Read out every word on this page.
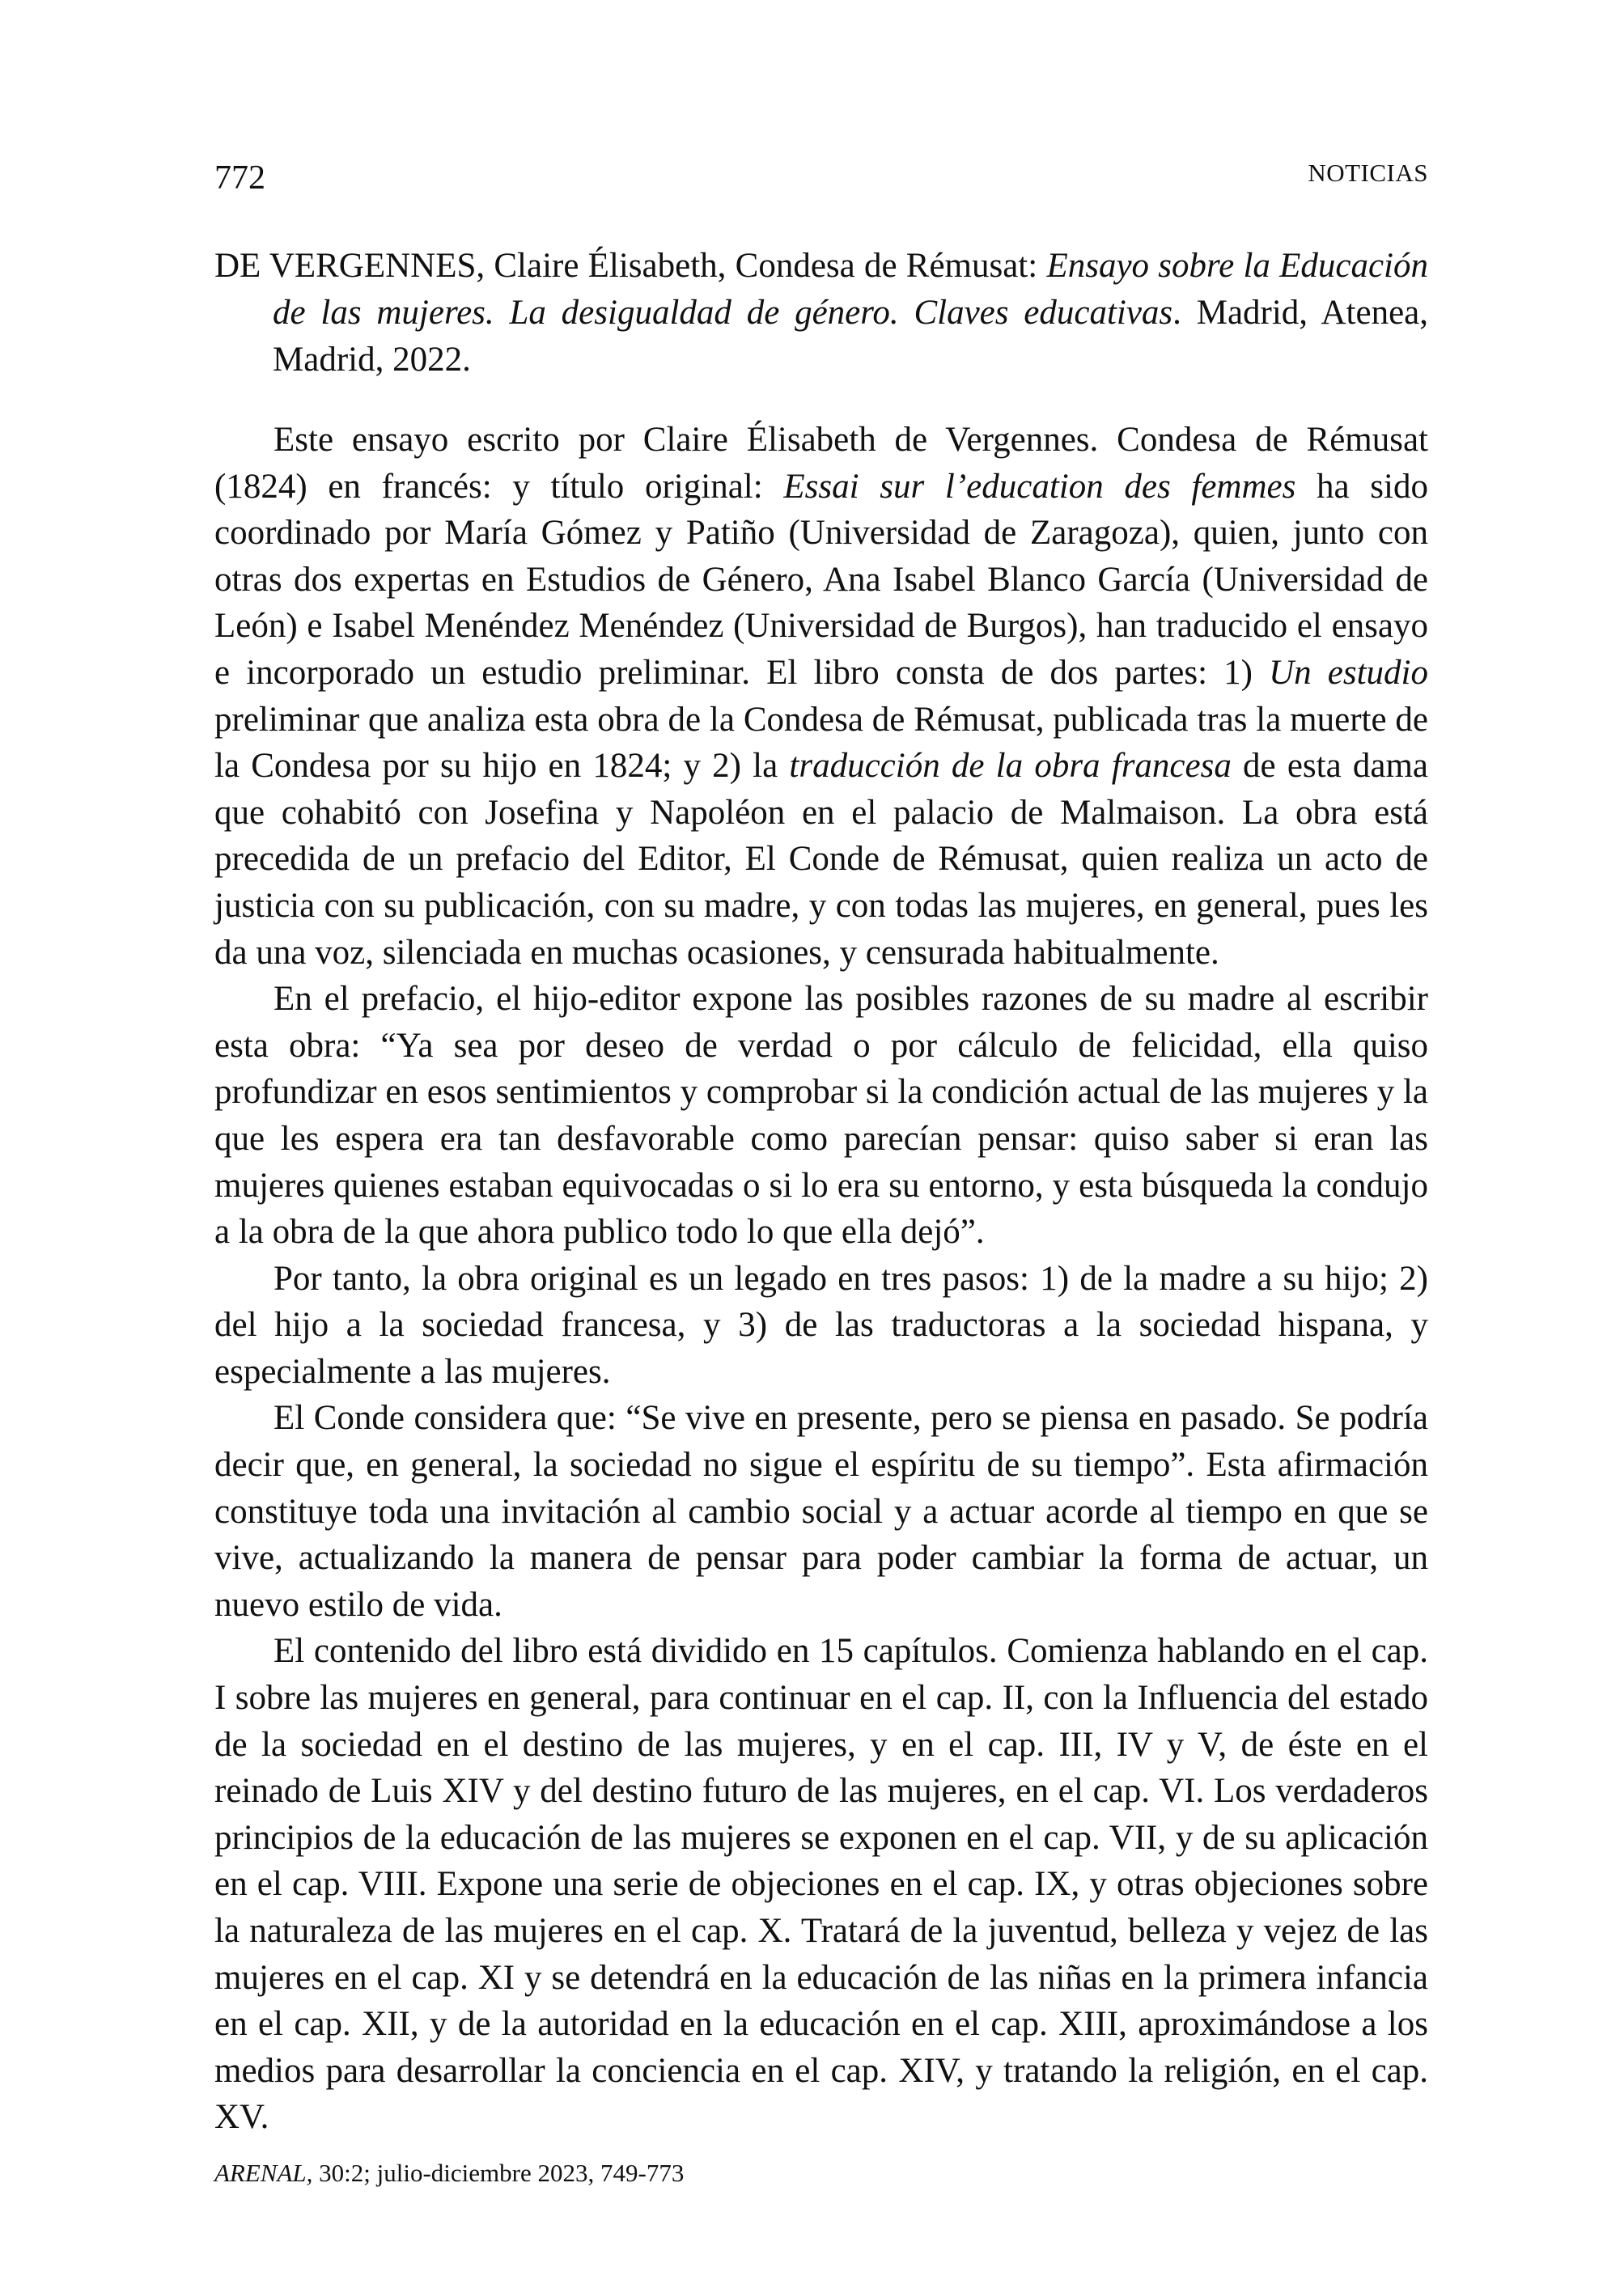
772	NOTICIAS
DE VERGENNES, Claire Élisabeth, Condesa de Rémusat: Ensayo sobre la Educación de las mujeres. La desigualdad de género. Claves educativas. Madrid, Atenea, Madrid, 2022.

Este ensayo escrito por Claire Élisabeth de Vergennes. Condesa de Rémusat (1824) en francés: y título original: Essai sur l’education des femmes ha sido coordinado por María Gómez y Patiño (Universidad de Zaragoza), quien, junto con otras dos expertas en Estudios de Género, Ana Isabel Blanco García (Universidad de León) e Isabel Menéndez Menéndez (Universidad de Burgos), han traducido el ensayo e incorporado un estudio preliminar. El libro consta de dos partes: 1) Un estudio preliminar que analiza esta obra de la Condesa de Rémusat, publicada tras la muerte de la Condesa por su hijo en 1824; y 2) la traducción de la obra francesa de esta dama que cohabitó con Josefina y Napoléon en el palacio de Malmaison. La obra está precedida de un prefacio del Editor, El Conde de Rémusat, quien realiza un acto de justicia con su publicación, con su madre, y con todas las mujeres, en general, pues les da una voz, silenciada en muchas ocasiones, y censurada habitualmente.

En el prefacio, el hijo-editor expone las posibles razones de su madre al escribir esta obra: “Ya sea por deseo de verdad o por cálculo de felicidad, ella quiso profundizar en esos sentimientos y comprobar si la condición actual de las mujeres y la que les espera era tan desfavorable como parecían pensar: quiso saber si eran las mujeres quienes estaban equivocadas o si lo era su entorno, y esta búsqueda la condujo a la obra de la que ahora publico todo lo que ella dejó”.

Por tanto, la obra original es un legado en tres pasos: 1) de la madre a su hijo; 2) del hijo a la sociedad francesa, y 3) de las traductoras a la sociedad hispana, y especialmente a las mujeres.

El Conde considera que: “Se vive en presente, pero se piensa en pasado. Se podría decir que, en general, la sociedad no sigue el espíritu de su tiempo”. Esta afirmación constituye toda una invitación al cambio social y a actuar acorde al tiempo en que se vive, actualizando la manera de pensar para poder cambiar la forma de actuar, un nuevo estilo de vida.

El contenido del libro está dividido en 15 capítulos. Comienza hablando en el cap. I sobre las mujeres en general, para continuar en el cap. II, con la Influencia del estado de la sociedad en el destino de las mujeres, y en el cap. III, IV y V, de éste en el reinado de Luis XIV y del destino futuro de las mujeres, en el cap. VI. Los verdaderos principios de la educación de las mujeres se exponen en el cap. VII, y de su aplicación en el cap. VIII. Expone una serie de objeciones en el cap. IX, y otras objeciones sobre la naturaleza de las mujeres en el cap. X. Tratará de la juventud, belleza y vejez de las mujeres en el cap. XI y se detendrá en la educación de las niñas en la primera infancia en el cap. XII, y de la autoridad en la educación en el cap. XIII, aproximándose a los medios para desarrollar la conciencia en el cap. XIV, y tratando la religión, en el cap. XV.

ARENAL, 30:2; julio-diciembre 2023, 749-773
